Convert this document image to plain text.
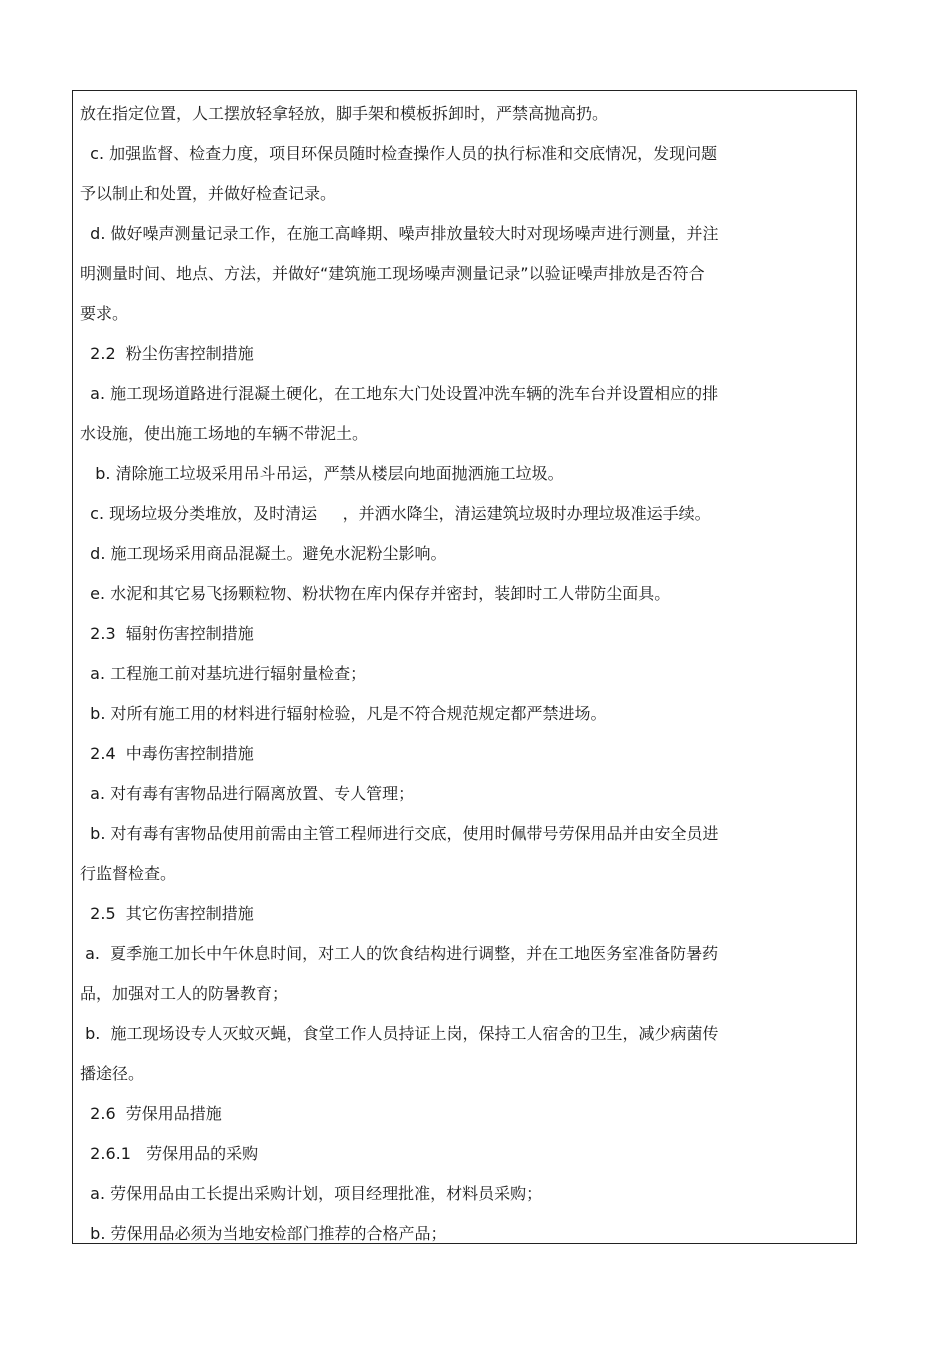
放在指定位置，人工摆放轻拿轻放，脚手架和模板拆卸时，严禁高抛高扔。
c. 加强监督、检查力度，项目环保员随时检查操作人员的执行标准和交底情况，发现问题
予以制止和处置，并做好检查记录。
d. 做好噪声测量记录工作，在施工高峰期、噪声排放量较大时对现场噪声进行测量，并注
明测量时间、地点、方法，并做好“建筑施工现场噪声测量记录”以验证噪声排放是否符合
要求。
2.2  粉尘伤害控制措施
a. 施工现场道路进行混凝土硬化，在工地东大门处设置冲洗车辆的洗车台并设置相应的排
水设施，使出施工场地的车辆不带泥土。
b. 清除施工垃圾采用吊斗吊运，严禁从楼层向地面抛洒施工垃圾。
c. 现场垃圾分类堆放，及时清运     ，并洒水降尘，清运建筑垃圾时办理垃圾准运手续。
d. 施工现场采用商品混凝土。避免水泥粉尘影响。
e. 水泥和其它易飞扬颗粒物、粉状物在库内保存并密封，装卸时工人带防尘面具。
2.3  辐射伤害控制措施
a. 工程施工前对基坑进行辐射量检查；
b. 对所有施工用的材料进行辐射检验，凡是不符合规范规定都严禁进场。
2.4  中毒伤害控制措施
a. 对有毒有害物品进行隔离放置、专人管理；
b. 对有毒有害物品使用前需由主管工程师进行交底，使用时佩带号劳保用品并由安全员进
行监督检查。
2.5  其它伤害控制措施
a.  夏季施工加长中午休息时间，对工人的饮食结构进行调整，并在工地医务室准备防暑药
品，加强对工人的防暑教育；
b.  施工现场设专人灭蚊灭蝇，食堂工作人员持证上岗，保持工人宿舍的卫生，减少病菌传
播途径。
2.6  劳保用品措施
2.6.1   劳保用品的采购
a. 劳保用品由工长提出采购计划，项目经理批准，材料员采购；
b. 劳保用品必须为当地安检部门推荐的合格产品；
